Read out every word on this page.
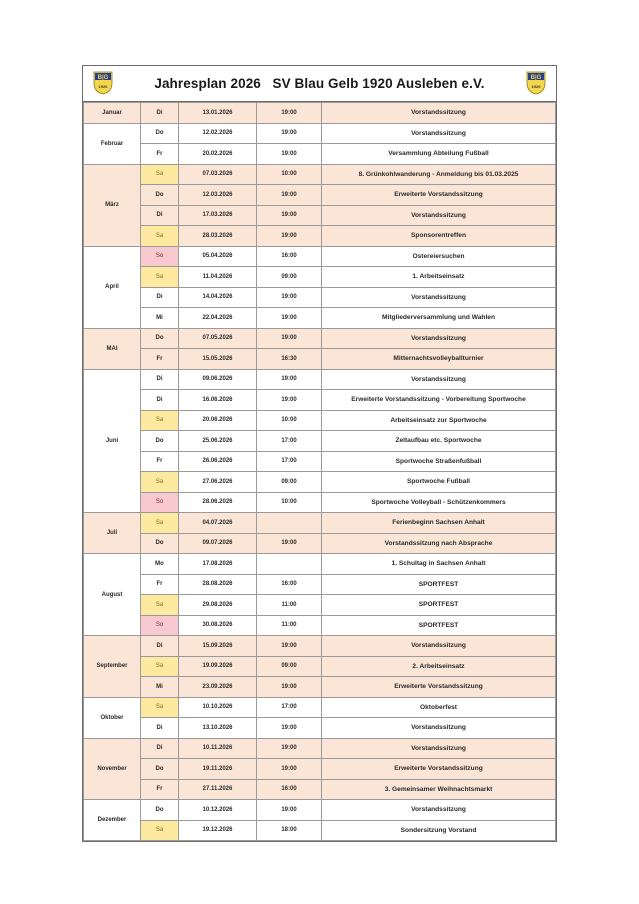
B|G
1920	Jahresplan 2026   SV Blau Gelb 1920 Ausleben e.V.	B|G
1920
Januar	Di	13.01.2026	19:00	Vorstandssitzung
Februar	Do	12.02.2026	19:00	Vorstandssitzung
	Fr	20.02.2026	19:00	Versammlung Abteilung Fußball
März	Sa	07.03.2026	10:00	8. Grünkohlwanderung - Anmeldung bis 01.03.2025
	Do	12.03.2026	19:00	Erweiterte Vorstandssitzung
	Di	17.03.2026	19:00	Vorstandssitzung
	Sa	28.03.2026	19:00	Sponsorentreffen
April	So	05.04.2026	16:00	Ostereiersuchen
	Sa	11.04.2026	09:00	1. Arbeitseinsatz
	Di	14.04.2026	19:00	Vorstandssitzung
	Mi	22.04.2026	19:00	Mitgliederversammlung und Wahlen
MAI	Do	07.05.2026	19:00	Vorstandssitzung
	Fr	15.05.2026	16:30	Mitternachtsvolleyballturnier
Juni	Di	09.06.2026	19:00	Vorstandssitzung
	Di	16.06.2026	19:00	Erweiterte Vorstandssitzung - Vorbereitung Sportwoche
	Sa	20.06.2026	10:00	Arbeitseinsatz zur Sportwoche
	Do	25.06.2026	17:00	Zeltaufbau etc. Sportwoche
	Fr	26.06.2026	17:00	Sportwoche Straßenfußball
	Sa	27.06.2026	09:00	Sportwoche Fußball
	So	28.06.2026	10:00	Sportwoche Volleyball - Schützenkommers
Juli	Sa	04.07.2026		Ferienbeginn Sachsen Anhalt
	Do	09.07.2026	19:00	Vorstandssitzung nach Absprache
August	Mo	17.08.2026		1. Schultag in Sachsen Anhalt
	Fr	28.08.2026	16:00	SPORTFEST
	Sa	29.08.2026	11:00	SPORTFEST
	So	30.08.2026	11:00	SPORTFEST
September	Di	15.09.2026	19:00	Vorstandssitzung
	Sa	19.09.2026	09:00	2. Arbeitseinsatz
	Mi	23.09.2026	19:00	Erweiterte Vorstandssitzung
Oktober	Sa	10.10.2026	17:00	Oktoberfest
	Di	13.10.2026	19:00	Vorstandssitzung
November	Di	10.11.2026	19:00	Vorstandssitzung
	Do	19.11.2026	19:00	Erweiterte Vorstandssitzung
	Fr	27.11.2026	16:00	3. Gemeinsamer Weihnachtsmarkt
Dezember	Do	10.12.2026	19:00	Vorstandssitzung
	Sa	19.12.2026	18:00	Sondersitzung Vorstand
